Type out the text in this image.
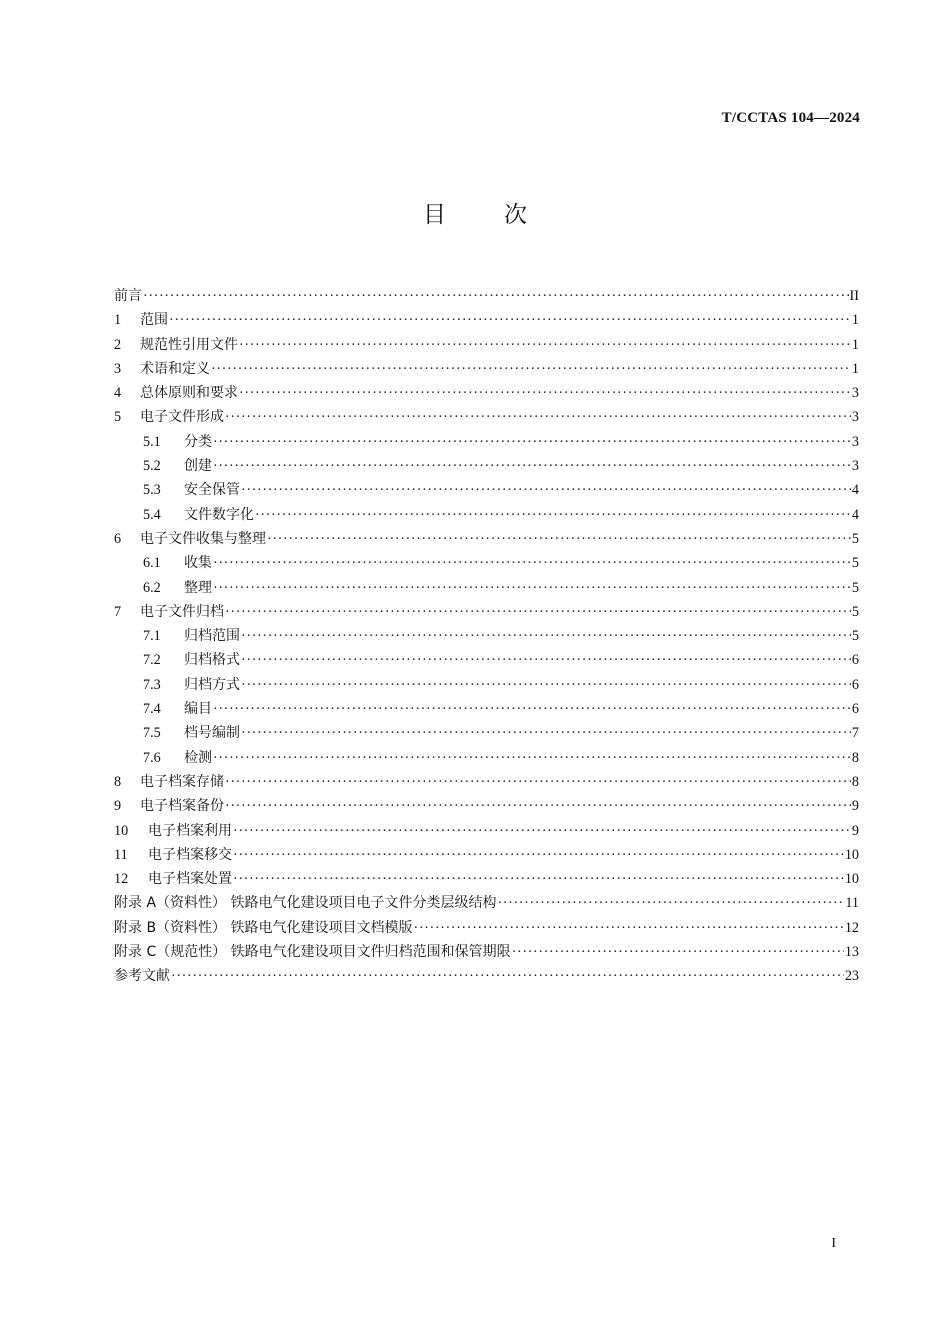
T/CCTAS 104—2024
目次
前言 ·····	II
1	范围 ·····	1
2	规范性引用文件 ·····	1
3	术语和定义 ·····	1
4	总体原则和要求 ·····	3
5	电子文件形成 ·····	3
5.1	分类 ·····	3
5.2	创建 ·····	3
5.3	安全保管 ·····	4
5.4	文件数字化 ·····	4
6	电子文件收集与整理 ·····	5
6.1	收集 ·····	5
6.2	整理 ·····	5
7	电子文件归档 ·····	5
7.1	归档范围 ·····	5
7.2	归档格式 ·····	6
7.3	归档方式 ·····	6
7.4	编目 ·····	6
7.5	档号编制 ·····	7
7.6	检测 ·····	8
8	电子档案存储 ·····	8
9	电子档案备份 ·····	9
10	电子档案利用 ·····	9
11	电子档案移交 ·····	10
12	电子档案处置 ·····	10
附录 A（资料性） 铁路电气化建设项目电子文件分类层级结构 ·····	11
附录 B（资料性） 铁路电气化建设项目文档模版 ·····	12
附录 C（规范性） 铁路电气化建设项目文件归档范围和保管期限 ·····	13
参考文献 ·····	23
I
